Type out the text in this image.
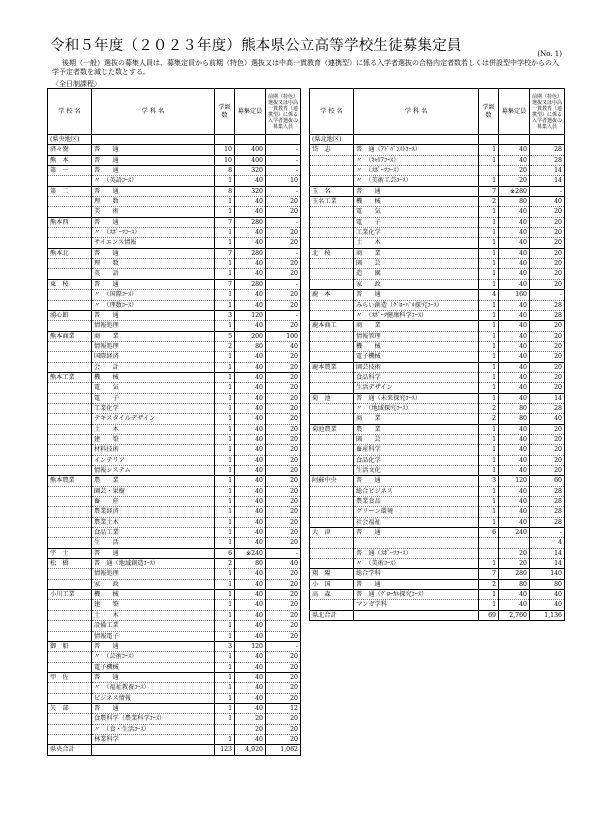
令和５年度（２０２３年度）熊本県公立高等学校生徒募集定員	(No. 1)
後期（一般）選抜の募集人員は、募集定員から前期（特色）選抜又は中高一貫教育（連携型）に係る入学者選抜の合格内定者数若しくは併設型中学校からの入学予定者数を減じた数とする。
〈全日制課程〉
学 校 名	学 科 名	学級数	募集定員	前期（特色）選抜又は中高一貫教育（連携型）に係る入学者選抜の募集人員
(県央地区)				
済々黌	普　　通	10	400	-
熊　本	普　　通	10	400	-
第　一	普　　通	8	320	-
	〃　（英語ｺｰｽ）	1	40	10
第　二	普　　通	8	320	-
	理　　数	1	40	20
	美　　術	1	40	20
熊本西	普　　通	7	280	-
	〃　（ｽﾎﾟｰﾂｺｰｽ）	1	40	20
	サイエンス情報	1	40	20
熊本北	普　　通	7	280	-
	理　　数	1	40	20
	英　　語	1	40	20
東　稜	普　　通	7	280	-
	〃　（国際ｺｰｽ）	1	40	20
	〃　（理数ｺｰｽ）	1	40	20
湧心館	普　　通	3	120	-
	情報処理	1	40	20
熊本商業	商　　業	5	200	100
	情報処理	2	80	40
	国際経済	1	40	20
	会　　計	1	40	20
熊本工業	機　　械	1	40	20
	電　　気	1	40	20
	電　　子	1	40	20
	工業化学	1	40	20
	テキスタイルデザイン	1	40	20
	土　　木	1	40	20
	建　　築	1	40	20
	材料技術	1	40	20
	インテリア	1	40	20
	情報システム	1	40	20
熊本農業	農　　業	1	40	20
	園芸・果樹	1	40	20
	畜　　産	1	40	20
	農業経済	1	40	20
	農業土木	1	40	20
	食品工業	1	40	20
	生　　活	1	40	20
宇　土	普　　通	6	※240	-
松　橋	普　通（地域創造ｺｰｽ）	2	80	40
	情報処理	1	40	20
	家　　政	1	40	20
小川工業	機　　械	1	40	20
	建　　築	1	40	20
	土　　木	1	40	20
	設備工業	1	40	20
	情報電子	1	40	20
御　船	普　　通	3	120	-
	〃　（芸術ｺｰｽ）	1	40	20
	電子機械	1	40	20
甲　佐	普　　通	1	40	20
	〃　（福祉教養ｺｰｽ）	1	40	20
	ビジネス情報	1	40	20
矢　部	普　　通	1	40	12
	食農科学（農業科学ｺｰｽ）	1	20	20
	〃　（食・生活ｺｰｽ）		20	20
	林業科学	1	40	20
県央合計		123	4,920	1,062
学 校 名	学 科 名	学級数	募集定員	前期（特色）選抜又は中高一貫教育（連携型）に係る入学者選抜の募集人員
(県北地区)				
岱　志	普　通（ｱﾄﾞﾊﾞﾝｽﾄｺｰｽ）	1	40	28
	〃　（ｷｬﾘｱｺｰｽ）	1	40	28
	〃　（ｽﾎﾟｰﾂｺｰｽ）		20	14
	〃　（美術工芸ｺｰｽ）	1	20	14
玉　名	普　　通	7	※280	-
玉名工業	機　　械	2	80	40
	電　　気	1	40	20
	電　　子	1	40	20
	工業化学	1	40	20
	土　　木	1	40	20
北　稜	商　　業	1	40	20
	園　　芸	1	40	20
	造　　園	1	40	20
	家　　政	1	40	20
鹿　本	普　　通	4	160	-
	みらい創造（ｸﾞﾛｰﾊﾞﾙ探究ｺｰｽ）	1	40	28
	〃　（ｽﾎﾟｰﾂ健康科学ｺｰｽ）	1	40	28
鹿本商工	商　　業	1	40	20
	情報管理	1	40	20
	機　　械	1	40	20
	電子機械	1	40	20
鹿本農業	園芸技術	1	40	20
	食品科学	1	40	20
	生活デザイン	1	40	20
菊　池	普　通（未来探究ｺｰｽ）	1	40	14
	〃　（地域探究ｺｰｽ）	2	80	28
	商　　業	2	80	40
菊池農業	農　　業	1	40	20
	園　　芸	1	40	20
	畜産科学	1	40	20
	食品化学	1	40	20
	生活文化	1	40	20
阿蘇中央	普　　通	3	120	60
	総合ビジネス	1	40	28
	農業食品	1	40	28
	グリーン環境	1	40	28
	社会福祉	1	40	28
大　津	普　　通	6	240	-
				4
	普　通（ｽﾎﾟｰﾂｺｰｽ）		20	14
	〃　（美術ｺｰｽ）	1	20	14
翔　陽	総合学科	7	280	140
小　国	普　　通	2	80	80
高　森	普　通（ｸﾞﾛｰｶﾙ探究ｺｰｽ）	1	40	40
	マンガ学科	1	40	40
県北合計		69	2,760	1,136
